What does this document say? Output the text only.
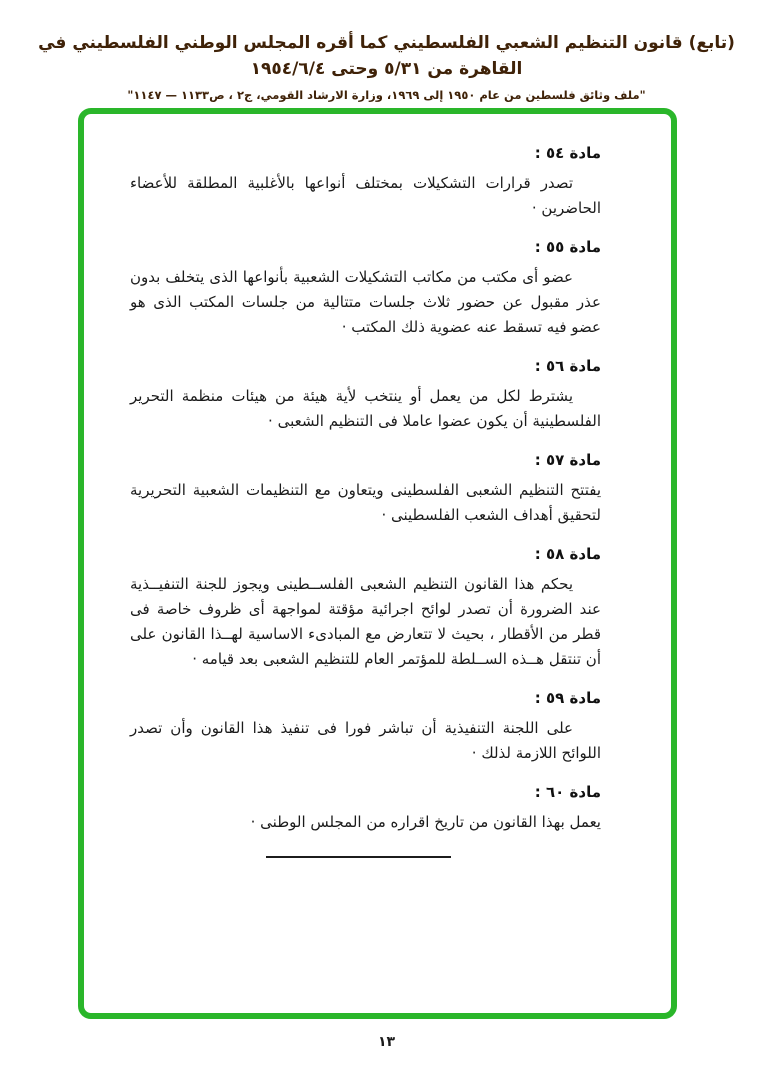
(تابع) قانون التنظيم الشعبي الفلسطيني كما أقره المجلس الوطني الفلسطيني في القاهرة من ٥/٣١ وحتى ١٩٥٤/٦/٤
"ملف وثائق فلسطين من عام ١٩٥٠ إلى ١٩٦٩، وزارة الارشاد القومي، ج٢ ، ص١١٣٣ — ١١٤٧"
مادة ٥٤ :

تصدر قرارات التشكيلات بمختلف أنواعها بالأغلبية المطلقة للأعضاء الحاضرين ·

مادة ٥٥ :

عضو أى مكتب من مكاتب التشكيلات الشعبية بأنواعها الذى يتخلف بدون عذر مقبول عن حضور ثلاث جلسات متتالية من جلسات المكتب الذى هو عضو فيه تسقط عنه عضوية ذلك المكتب ·

مادة ٥٦ :

يشترط لكل من يعمل أو ينتخب لأية هيئة من هيئات منظمة التحرير الفلسطينية أن يكون عضوا عاملا فى التنظيم الشعبى ·

مادة ٥٧ :

يفتتح التنظيم الشعبى الفلسطينى ويتعاون مع التنظيمات الشعبية التحريرية لتحقيق أهداف الشعب الفلسطينى ·

مادة ٥٨ :

يحكم هذا القانون التنظيم الشعبى الفلســطينى ويجوز للجنة التنفيــذية عند الضرورة أن تصدر لوائح اجرائية مؤقتة لمواجهة أى ظروف خاصة فى قطر من الأقطار ، بحيث لا تتعارض مع المبادىء الاساسية لهــذا القانون على أن تنتقل هــذه الســلطة للمؤتمر العام للتنظيم الشعبى بعد قيامه ·

مادة ٥٩ :

على اللجنة التنفيذية أن تباشر فورا فى تنفيذ هذا القانون وأن تصدر اللوائح اللازمة لذلك ·

مادة ٦٠ :

يعمل بهذا القانون من تاريخ اقراره من المجلس الوطنى ·

١٣
